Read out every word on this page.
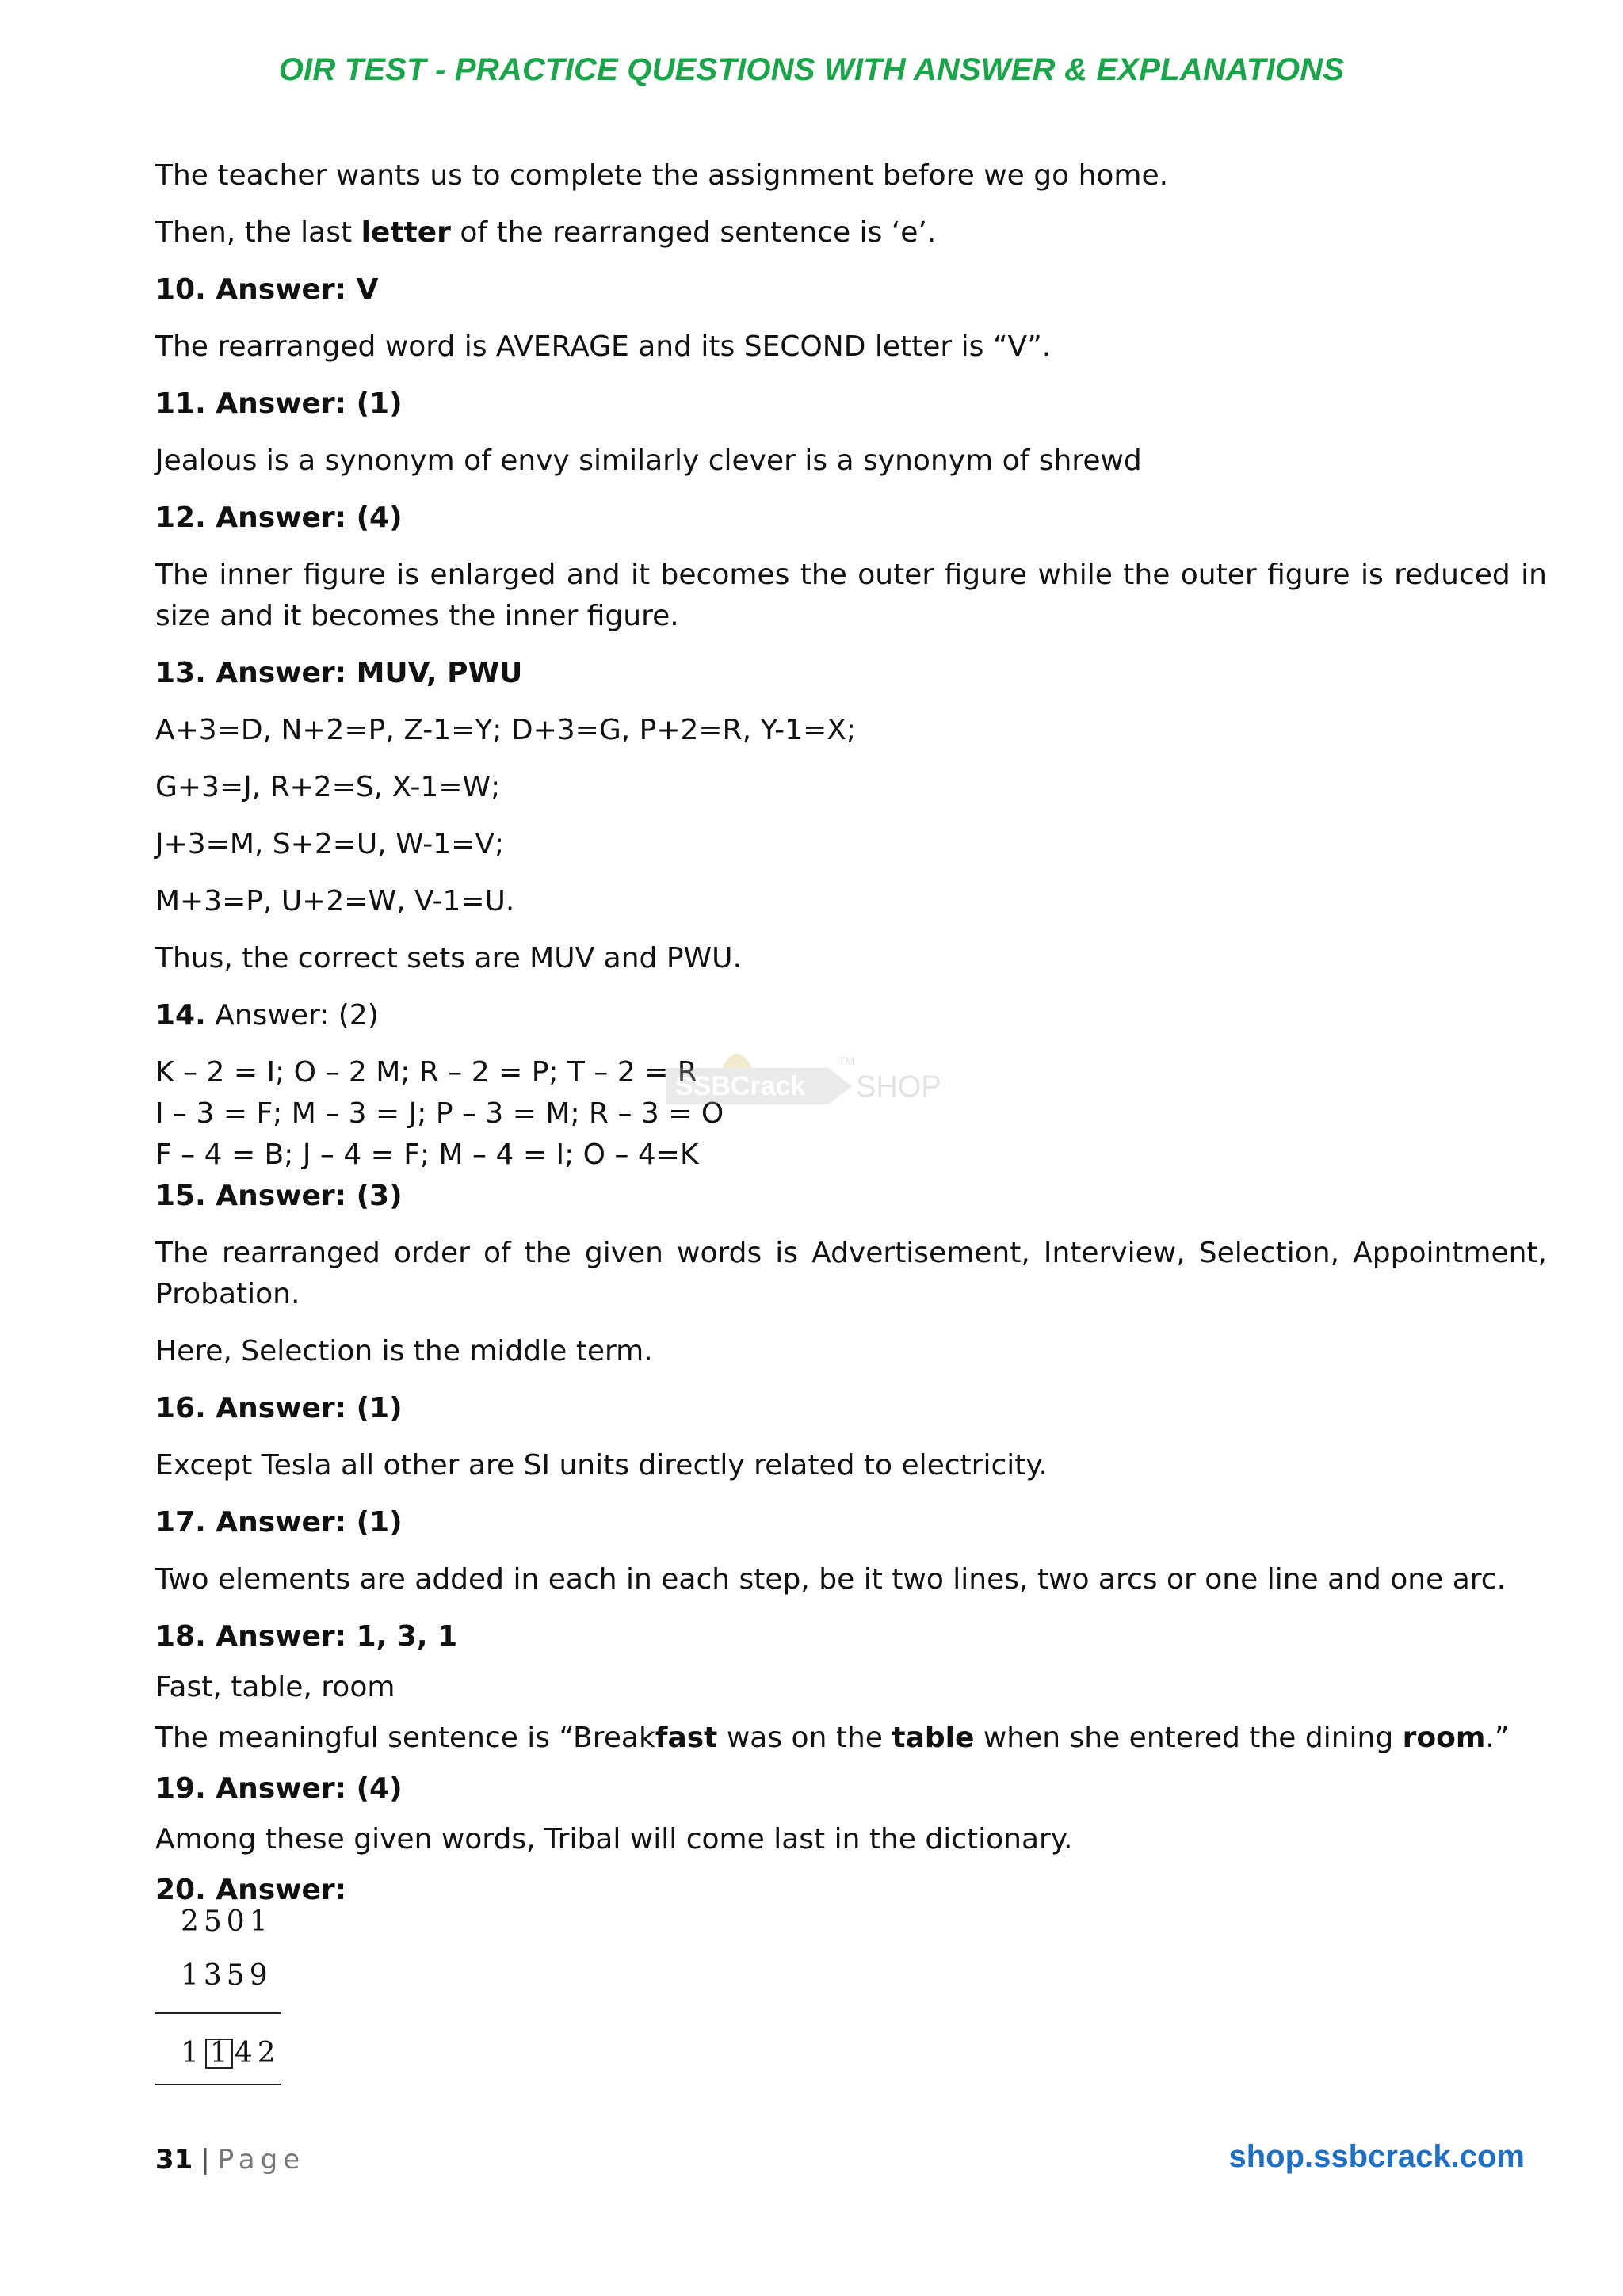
OIR TEST - PRACTICE QUESTIONS WITH ANSWER & EXPLANATIONS

The teacher wants us to complete the assignment before we go home.

Then, the last letter of the rearranged sentence is ‘e’.

10. Answer: V

The rearranged word is AVERAGE and its SECOND letter is “V”.

11. Answer: (1)

Jealous is a synonym of envy similarly clever is a synonym of shrewd

12. Answer: (4)

The inner figure is enlarged and it becomes the outer figure while the outer figure is reduced in size and it becomes the inner figure.

13. Answer: MUV, PWU

A+3=D, N+2=P, Z-1=Y; D+3=G, P+2=R, Y-1=X;

G+3=J, R+2=S, X-1=W;

J+3=M, S+2=U, W-1=V;

M+3=P, U+2=W, V-1=U.

Thus, the correct sets are MUV and PWU.

14. Answer: (2)

K – 2 = I; O – 2 M; R – 2 = P; T – 2 = R

I – 3 = F; M – 3 = J; P – 3 = M; R – 3 = O

F – 4 = B; J – 4 = F; M – 4 = I; O – 4=K

15. Answer: (3)

The rearranged order of the given words is Advertisement, Interview, Selection, Appointment, Probation.

Here, Selection is the middle term.

16. Answer: (1)

Except Tesla all other are SI units directly related to electricity.

17. Answer: (1)

Two elements are added in each in each step, be it two lines, two arcs or one line and one arc.

18. Answer: 1, 3, 1

Fast, table, room

The meaningful sentence is “Breakfast was on the table when she entered the dining room.”

19. Answer: (4)

Among these given words, Tribal will come last in the dictionary.

20. Answer:

2501
1359
1 1 42
SSBCrack SHOP
TM
31 | Page	shop.ssbcrack.com
